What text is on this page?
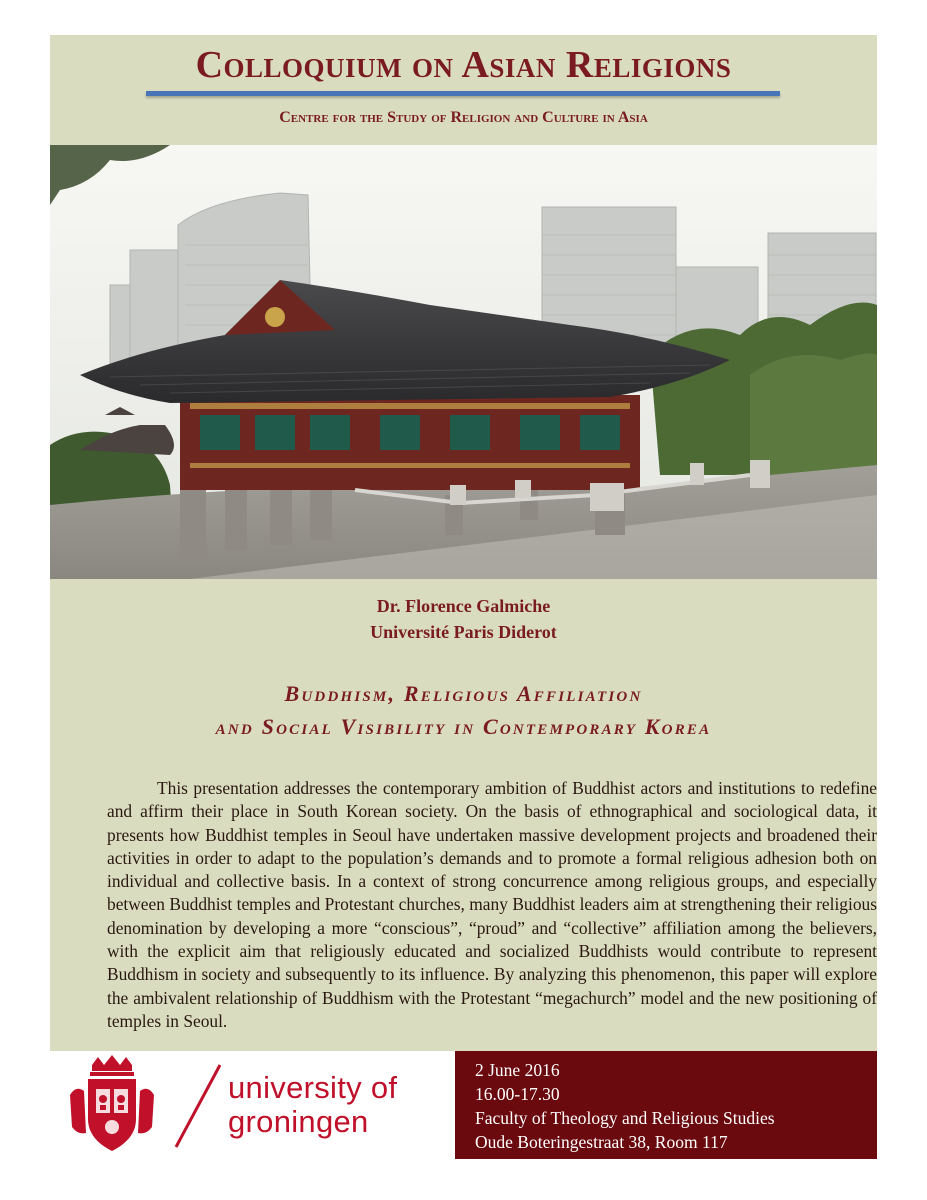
Colloquium on Asian Religions
Centre for the Study of Religion and Culture in Asia
Dr. Florence Galmiche
Université Paris Diderot
Buddhism, Religious Affiliation
and Social Visibility in Contemporary Korea

This presentation addresses the contemporary ambition of Buddhist actors and institutions to redefine and affirm their place in South Korean society. On the basis of ethnographical and sociological data, it presents how Buddhist temples in Seoul have undertaken massive development projects and broadened their activities in order to adapt to the population’s demands and to promote a formal religious adhesion both on individual and collective basis. In a context of strong concurrence among religious groups, and especially between Buddhist temples and Protestant churches, many Buddhist leaders aim at strengthening their religious denomination by developing a more “conscious”, “proud” and “collective” affiliation among the believers, with the explicit aim that religiously educated and socialized Buddhists would contribute to represent Buddhism in society and subsequently to its influence. By analyzing this phenomenon, this paper will explore the ambivalent relationship of Buddhism with the Protestant “megachurch” model and the new positioning of temples in Seoul.

university of
groningen
2 June 2016
16.00-17.30
Faculty of Theology and Religious Studies
Oude Boteringestraat 38, Room 117
